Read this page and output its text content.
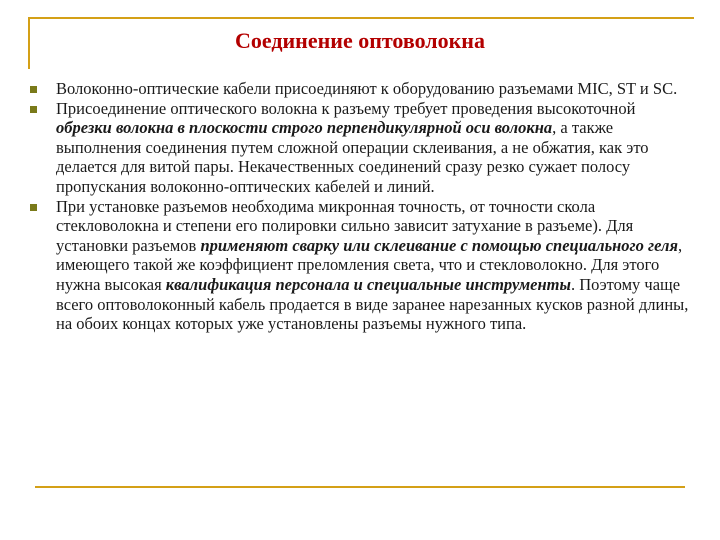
Соединение оптоволокна
Волоконно-оптические кабели присоединяют к оборудованию разъемами MIC, ST и SC.
Присоединение оптического волокна к разъему требует проведения высокоточной обрезки волокна в плоскости строго перпендикулярной оси волокна, а также выполнения соединения путем сложной операции склеивания, а не обжатия, как это делается для витой пары. Некачественных соединений сразу резко сужает полосу пропускания волоконно-оптических кабелей и линий.
При установке разъемов необходима микронная точность, от точности скола стекловолокна и степени его полировки сильно зависит затухание в разъеме). Для установки разъемов применяют сварку или склеивание с помощью специального геля, имеющего такой же коэффициент преломления света, что и стекловолокно. Для этого нужна высокая квалификация персонала и специальные инструменты. Поэтому чаще всего оптоволоконный кабель продается в виде заранее нарезанных кусков разной длины, на обоих концах которых уже установлены разъемы нужного типа.
